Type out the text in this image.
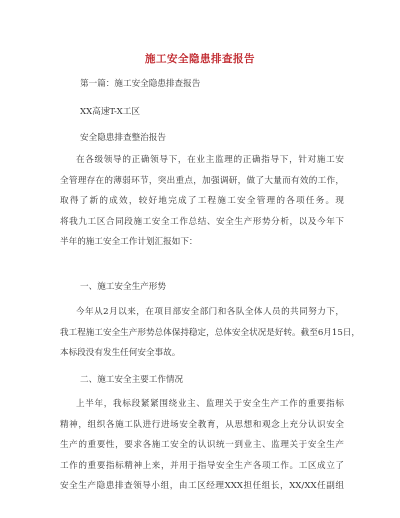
施工安全隐患排查报告
第一篇：施工安全隐患排查报告
XX高速T-X工区
安全隐患排查整治报告
在各级领导的正确领导下，在业主监理的正确指导下，针对施工安
全管理存在的薄弱环节，突出重点，加强调研，做了大量而有效的工作，
取得了新的成效，较好地完成了工程施工安全管理的各项任务。现
将我九工区合同段施工安全工作总结、安全生产形势分析，以及今年下
半年的施工安全工作计划汇报如下：
一、施工安全生产形势
今年从2月以来，在项目部安全部门和各队全体人员的共同努力下，
我工程施工安全生产形势总体保持稳定，总体安全状况是好转。截至6月15日，
本标段没有发生任何安全事故。
二、施工安全主要工作情况
上半年，我标段紧紧围绕业主、监理关于安全生产工作的重要指标
精神，组织各施工队进行进场安全教育，从思想和观念上充分认识安全
生产的重要性，要求各施工安全的认识统一到业主、监理关于安全生产
工作的重要指标精神上来，并用于指导安全生产各项工作。工区成立了
安全生产隐患排查领导小组，由工区经理XXX担任组长，XX/XX任副组
